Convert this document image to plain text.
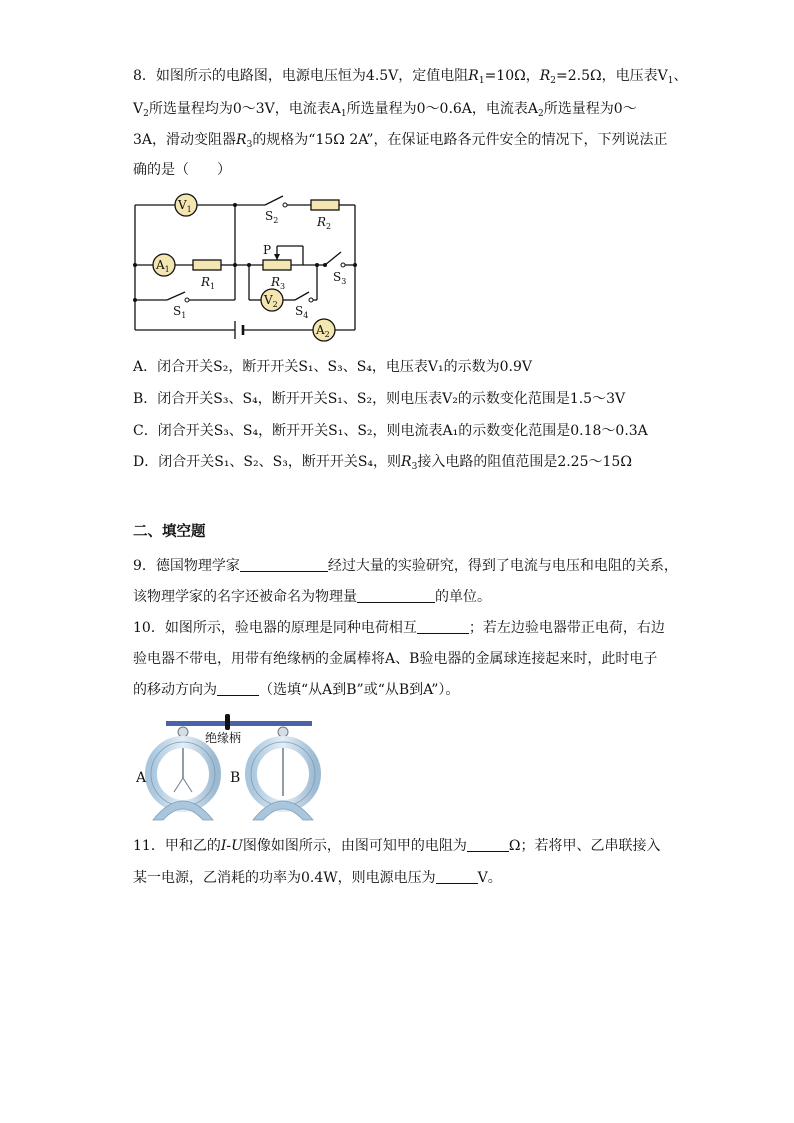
8．如图所示的电路图，电源电压恒为4.5V，定值电阻$R_1=10\Omega$，$R_2=2.5\Omega$，电压表$V_1$、
$V_2$所选量程均为0～3V，电流表$A_1$所选量程为0～0.6A，电流表$A_2$所选量程为0～
3A，滑动变阻器$R_3$的规格为“15Ω 2A”，在保证电路各元件安全的情况下，下列说法正
确的是（　　）
$V_1$
$A_1$
$V_2$
$A_2$
$S_2$	$R_2$
$R_1$
$S_1$
P
$R_3$
$S_3$
$S_4$
A．闭合开关S₂，断开开关S₁、S₃、S₄，电压表V₁的示数为0.9V
B．闭合开关S₃、S₄，断开开关S₁、S₂，则电压表V₂的示数变化范围是1.5～3V
C．闭合开关S₃、S₄，断开开关S₁、S₂，则电流表A₁的示数变化范围是0.18～0.3A
D．闭合开关S₁、S₂、S₃，断开开关S₄，则$R_3$接入电路的阻值范围是2.25～15Ω
二、填空题
9．德国物理学家	经过大量的实验研究，得到了电流与电压和电阻的关系，
该物理学家的名字还被命名为物理量	的单位。
10．如图所示，验电器的原理是同种电荷相互	；若左边验电器带正电荷，右边
验电器不带电，用带有绝缘柄的金属棒将A、B验电器的金属球连接起来时，此时电子
的移动方向为	（选填“从A到B”或“从B到A”）。
绝缘柄
A	B
11．甲和乙的I-U图像如图所示，由图可知甲的电阻为	Ω；若将甲、乙串联接入
某一电源，乙消耗的功率为0.4W，则电源电压为	V。
